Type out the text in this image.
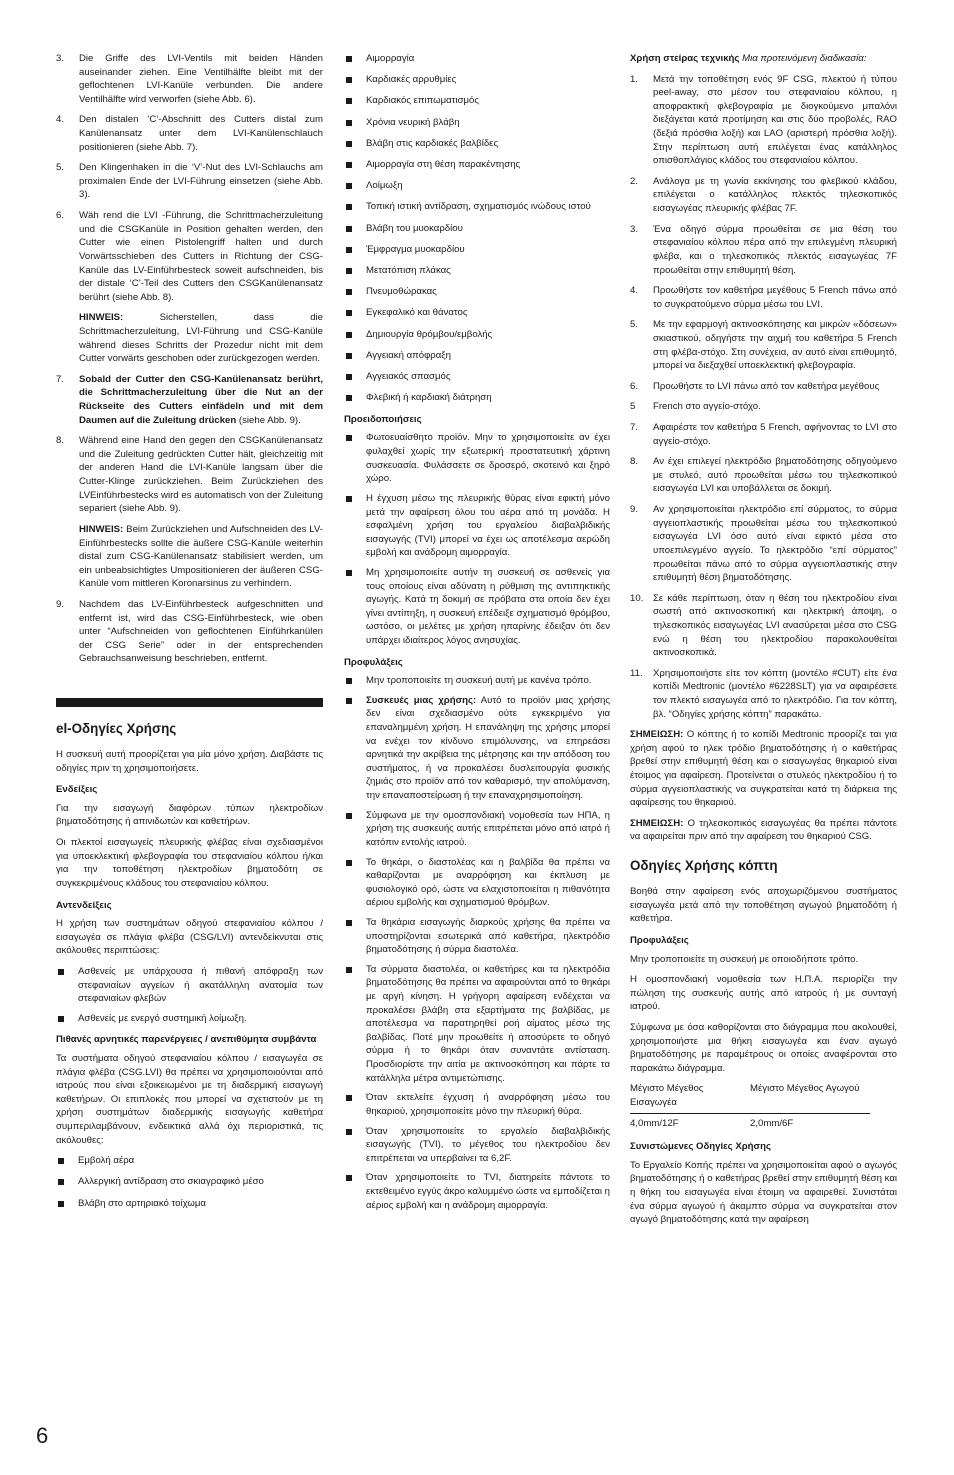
3. Die Griffe des LVI-Ventils mit beiden Händen auseinander ziehen. Eine Ventilhälfte bleibt mit der geflochtenen LVI-Kanüle verbunden. Die andere Ventilhälfte wird verworfen (siehe Abb. 6).
4. Den distalen ‘C’-Abschnitt des Cutters distal zum Kanülenansatz unter dem LVI-Kanülenschlauch positionieren (siehe Abb. 7).
5. Den Klingenhaken in die ‘V’-Nut des LVI-Schlauchs am proximalen Ende der LVI-Führung einsetzen (siehe Abb. 3).
6. Wäh rend die LVI -Führung, die Schrittmacherzuleitung und die CSGKanüle in Position gehalten werden, den Cutter wie einen Pistolengriff halten und durch Vorwärtsschieben des Cutters in Richtung der CSG-Kanüle das LV-Einführbesteck soweit aufschneiden, bis der distale ‘C’-Teil des Cutters den CSGKanülenansatz berührt (siehe Abb. 8).

HINWEIS: Sicherstellen, dass die Schrittmacherzuleitung, LVI-Führung und CSG-Kanüle während dieses Schritts der Prozedur nicht mit dem Cutter vorwärts geschoben oder zurückgezogen werden.

7. Sobald der Cutter den CSG-Kanülenansatz berührt, die Schrittmacherzuleitung über die Nut an der Rückseite des Cutters einfädeln und mit dem Daumen auf die Zuleitung drücken (siehe Abb. 9).
8. Während eine Hand den gegen den CSGKanülenansatz und die Zuleitung gedrückten Cutter hält, gleichzeitig mit der anderen Hand die LVI-Kanüle langsam über die Cutter-Klinge zurückziehen. Beim Zurückziehen des LVEinführbestecks wird es automatisch von der Zuleitung separiert (siehe Abb. 9).

HINWEIS: Beim Zurückziehen und Aufschneiden des LV-Einführbestecks sollte die äußere CSG-Kanüle weiterhin distal zum CSG-Kanülenansatz stabilisiert werden, um ein unbeabsichtigtes Umpositionieren der äußeren CSG-Kanüle vom mittleren Koronarsinus zu verhindern.

9. Nachdem das LV-Einführbesteck aufgeschnitten und entfernt ist, wird das CSG-Einführbesteck, wie oben unter “Aufschneiden von geflochtenen Einführkanülen der CSG Serie” oder in der entsprechenden Gebrauchsanweisung beschrieben, entfernt.
el-Οδηγίες Χρήσης

Η συσκευή αυτή προορίζεται για μία μόνο χρήση. Διαβάστε τις οδηγίες πριν τη χρησιμοποιήσετε.

Ενδείξεις

Για την εισαγωγή διαφόρων τύπων ηλεκτροδίων βηματοδότησης ή απινιδωτών και καθετήρων.

Οι πλεκτοί εισαγωγείς πλευρικής φλέβας είναι σχεδιασμένοι για υποεκλεκτική φλεβογραφία του στεφανιαίου κόλπου ή/και για την τοποθέτηση ηλεκτροδίων βηματοδότη σε συγκεκριμένους κλάδους του στεφανιαίου κόλπου.

Αντενδείξεις

Η χρήση των συστημάτων οδηγού στεφανιαίου κόλπου / εισαγωγέα σε πλάγια φλέβα (CSG/LVI) αντενδείκνυται στις ακόλουθες περιπτώσεις:

Ασθενείς με υπάρχουσα ή πιθανή απόφραξη των στεφανιαίων αγγείων ή ακατάλληλη ανατομία των στεφανιαίων φλεβών
Ασθενείς με ενεργό συστημική λοίμωξη.
Πιθανές αρνητικές παρενέργειες / ανεπιθύμητα συμβάντα

Τα συστήματα οδηγού στεφανιαίου κόλπου / εισαγωγέα σε πλάγια φλέβα (CSG.LVI) θα πρέπει να χρησιμοποιούνται από ιατρούς που είναι εξοικειωμένοι με τη διαδερμική εισαγωγή καθετήρων. Οι επιπλοκές που μπορεί να σχετιστούν με τη χρήση συστημάτων διαδερμικής εισαγωγής καθετήρα συμπεριλαμβάνουν, ενδεικτικά αλλά όχι περιοριστικά, τις ακόλουθες:

Εμβολή αέρα
Αλλεργική αντίδραση στο σκιαγραφικό μέσο
Βλάβη στο αρτηριακό τοίχωμα
Αιμορραγία
Καρδιακές αρρυθμίες
Καρδιακός επιπωματισμός
Χρόνια νευρική βλάβη
Βλάβη στις καρδιακές βαλβίδες
Αιμορραγία στη θέση παρακέντησης
Λοίμωξη
Τοπική ιστική αντίδραση, σχηματισμός ινώδους ιστού
Βλάβη του μυοκαρδίου
Έμφραγμα μυοκαρδίου
Μετατόπιση πλάκας
Πνευμοθώρακας
Εγκεφαλικό και θάνατος
Δημιουργία θρόμβου/εμβολής
Αγγειακή απόφραξη
Αγγειακός σπασμός
Φλεβική ή καρδιακή διάτρηση
Προειδοποιήσεις
Φωτοευαίσθητο προϊόν. Μην το χρησιμοποιείτε αν έχει φυλαχθεί χωρίς την εξωτερική προστατευτική χάρτινη συσκευασία. Φυλάσσετε σε δροσερό, σκοτεινό και ξηρό χώρο.
Η έγχυση μέσω της πλευρικής θύρας είναι εφικτή μόνο μετά την αφαίρεση όλου του αέρα από τη μονάδα. Η εσφαλμένη χρήση του εργαλείου διαβαλβιδικής εισαγωγής (TVI) μπορεί να έχει ως αποτέλεσμα αερώδη εμβολή και ανάδρομη αιμορραγία.
Μη χρησιμοποιείτε αυτήν τη συσκευή σε ασθενείς για τους οποίους είναι αδύνατη η ρύθμιση της αντιπηκτικής αγωγής. Κατά τη δοκιμή σε πρόβατα στα οποία δεν έχει γίνει αντίπηξη, η συσκευή επέδειξε σχηματισμό θρόμβου, ωστόσο, οι μελέτες με χρήση ηπαρίνης έδειξαν ότι δεν υπάρχει ιδιαίτερος λόγος ανησυχίας.
Προφυλάξεις
Μην τροποποιείτε τη συσκευή αυτή με κανένα τρόπο.
Συσκευές μιας χρήσης: Αυτό το προϊόν μιας χρήσης δεν είναι σχεδιασμένο ούτε εγκεκριμένο για επαναλημμένη χρήση. Η επανάληψη της χρήσης μπορεί να ενέχει τον κίνδυνο επιμόλυνσης, να επηρεάσει αρνητικά την ακρίβεια της μέτρησης και την απόδοση του συστήματος, ή να προκαλέσει δυσλειτουργία φυσικής ζημιάς στο προϊόν από τον καθαρισμό, την απολύμανση, την επαναποστείρωση ή την επαναχρησιμοποίηση.
Σύμφωνα με την ομοσπονδιακή νομοθεσία των ΗΠΑ, η χρήση της συσκευής αυτής επιτρέπεται μόνο από ιατρό ή κατόπιν εντολής ιατρού.
Το θηκάρι, ο διαστολέας και η βαλβίδα θα πρέπει να καθαρίζονται με αναρρόφηση και έκπλυση με φυσιολογικό ορό, ώστε να ελαχιστοποιείται η πιθανότητα αέριου εμβολής και σχηματισμού θρόμβων.
Τα θηκάρια εισαγωγής διαρκούς χρήσης θα πρέπει να υποστηρίζονται εσωτερικά από καθετήρα, ηλεκτρόδιο βηματοδότησης ή σύρμα διαστολέα.
Τα σύρματα διαστολέα, οι καθετήρες και τα ηλεκτρόδια βηματοδότησης θα πρέπει να αφαιρούνται από το θηκάρι με αργή κίνηση. Η γρήγορη αφαίρεση ενδέχεται να προκαλέσει βλάβη στα εξαρτήματα της βαλβίδας, με αποτέλεσμα να παρατηρηθεί ροή αίματος μέσω της βαλβίδας. Ποτέ μην προωθείτε ή αποσύρετε το οδηγό σύρμα ή το θηκάρι όταν συναντάτε αντίσταση. Προσδιορίστε την αιτία με ακτινοσκόπηση και πάρτε τα κατάλληλα μέτρα αντιμετώπισης.
Όταν εκτελείτε έγχυση ή αναρρόφηση μέσω του θηκαριού, χρησιμοποιείτε μόνο την πλευρική θύρα.
Όταν χρησιμοποιείτε το εργαλείο διαβαλβιδικής εισαγωγής (TVI), το μέγεθος του ηλεκτροδίου δεν επιτρέπεται να υπερβαίνει τα 6,2F.
Όταν χρησιμοποιείτε το TVI, διατηρείτε πάντοτε το εκτεθειμένο εγγύς άκρο καλυμμένο ώστε να εμποδίζεται η αέριος εμβολή και η ανάδρομη αιμορραγία.

Χρήση στείρας τεχνικής Μια προτεινόμενη διαδικασία:

1. Μετά την τοποθέτηση ενός 9F CSG, πλεκτού ή τύπου peel-away, στο μέσον του στεφανιαίου κόλπου, η αποφρακτική φλεβογραφία με διογκούμενο μπαλόνι διεξάγεται κατά προτίμηση και στις δύο προβολές, RAO (δεξιά πρόσθια λοξή) και LAO (αριστερή πρόσθια λοξή). Στην περίπτωση αυτή επιλέγεται ένας κατάλληλος οπισθοπλάγιος κλάδος του στεφανιαίου κόλπου.
2. Ανάλογα με τη γωνία εκκίνησης του φλεβικού κλάδου, επιλέγεται ο κατάλληλος πλεκτός τηλεσκοπικός εισαγωγέας πλευρικής φλέβας 7F.
3. Ένα οδηγό σύρμα προωθείται σε μια θέση του στεφανιαίου κόλπου πέρα από την επιλεγμένη πλευρική φλέβα, και ο τηλεσκοπικός πλεκτός εισαγωγέας 7F προωθείται στην επιθυμητή θέση.
4. Προωθήστε τον καθετήρα μεγέθους 5 French πάνω από το συγκρατούμενο σύρμα μέσω του LVI.
5. Με την εφαρμογή ακτινοσκόπησης και μικρών «δόσεων» σκιαστικού, οδηγήστε την αιχμή του καθετήρα 5 French στη φλέβα-στόχο. Στη συνέχεια, αν αυτό είναι επιθυμητό, μπορεί να διεξαχθεί υποεκλεκτική φλεβογραφία.
6. Προωθήστε το LVI πάνω από τον καθετήρα μεγέθους
5 French στο αγγείο-στόχο.
7. Αφαιρέστε τον καθετήρα 5 French, αφήνοντας το LVI στο αγγείο-στόχο.
8. Αν έχει επιλεγεί ηλεκτρόδιο βηματοδότησης οδηγούμενο με στυλεό, αυτό προωθείται μέσω του τηλεσκοπικού εισαγωγέα LVI και υποβάλλεται σε δοκιμή.
9. Αν χρησιμοποιείται ηλεκτρόδιο επί σύρματος, το σύρμα αγγειοπλαστικής προωθείται μέσω του τηλεσκοπικού εισαγωγέα LVI όσο αυτό είναι εφικτό μέσα στο υποεπιλεγμένο αγγείο. Το ηλεκτρόδιο “επί σύρματος” προωθείται πάνω από το σύρμα αγγειοπλαστικής στην επιθυμητή θέση βηματοδότησης.
10. Σε κάθε περίπτωση, όταν η θέση του ηλεκτροδίου είναι σωστή από ακτινοσκοπική και ηλεκτρική άποψη, ο τηλεσκοπικός εισαγωγέας LVI ανασύρεται μέσα στο CSG ενώ η θέση του ηλεκτροδίου παρακολουθείται ακτινοσκοπικά.
11. Χρησιμοποιήστε είτε τον κόπτη (μοντέλο #CUT) είτε ένα κοπίδι Medtronic (μοντέλο #6228SLT) για να αφαιρέσετε τον πλεκτό εισαγωγέα από το ηλεκτρόδιο. Για τον κόπτη, βλ. “Οδηγίες χρήσης κόπτη” παρακάτω.

ΣΗΜΕΙΩΣΗ: Ο κόπτης ή το κοπίδι Medtronic προορίζε ται για χρήση αφού το ηλεκ τρόδιο βηματοδότησης ή ο καθετήρας βρεθεί στην επιθυμητή θέση και ο εισαγωγέας θηκαριού είναι έτοιμος για αφαίρεση. Προτείνεται ο στυλεός ηλεκτροδίου ή το σύρμα αγγειοπλαστικής να συγκρατείται κατά τη διάρκεια της αφαίρεσης του θηκαριού.

ΣΗΜΕΙΩΣΗ: Ο τηλεσκοπικός εισαγωγέας θα πρέπει πάντοτε να αφαιρείται πριν από την αφαίρεση του θηκαριού CSG.

Οδηγίες Χρήσης κόπτη

Βοηθά στην αφαίρεση ενός αποχωριζόμενου συστήματος εισαγωγέα μετά από την τοποθέτηση αγωγού βηματοδότη ή καθετήρα.

Προφυλάξεις

Μην τροποποιείτε τη συσκευή με οποιοδήποτε τρόπο.

Η ομοσπονδιακή νομοθεσία των Η.Π.Α. περιορίζει την πώληση της συσκευής αυτής από ιατρούς ή με συνταγή ιατρού.

Σύμφωνα με όσα καθορίζονται στο διάγραμμα που ακολουθεί, χρησιμοποιήστε μια θήκη εισαγωγέα και έναν αγωγό βηματοδότησης με παραμέτρους οι οποίες αναφέρονται στο παρακάτω διάγραμμα.

Μέγιστο Μέγεθος Εισαγωγέα	Μέγιστο Μέγεθος Αγωγού
4,0mm/12F	2,0mm/6F
Συνιστώμενες Οδηγίες Χρήσης

Το Εργαλείο Κοπής πρέπει να χρησιμοποιείται αφού ο αγωγός βηματοδότησης ή ο καθετήρας βρεθεί στην επιθυμητή θέση και η θήκη του εισαγωγέα είναι έτοιμη να αφαιρεθεί. Συνιστάται ένα σύρμα αγωγού ή άκαμπτο σύρμα να συγκρατείται στον αγωγό βηματοδότησης κατά την αφαίρεση

6
